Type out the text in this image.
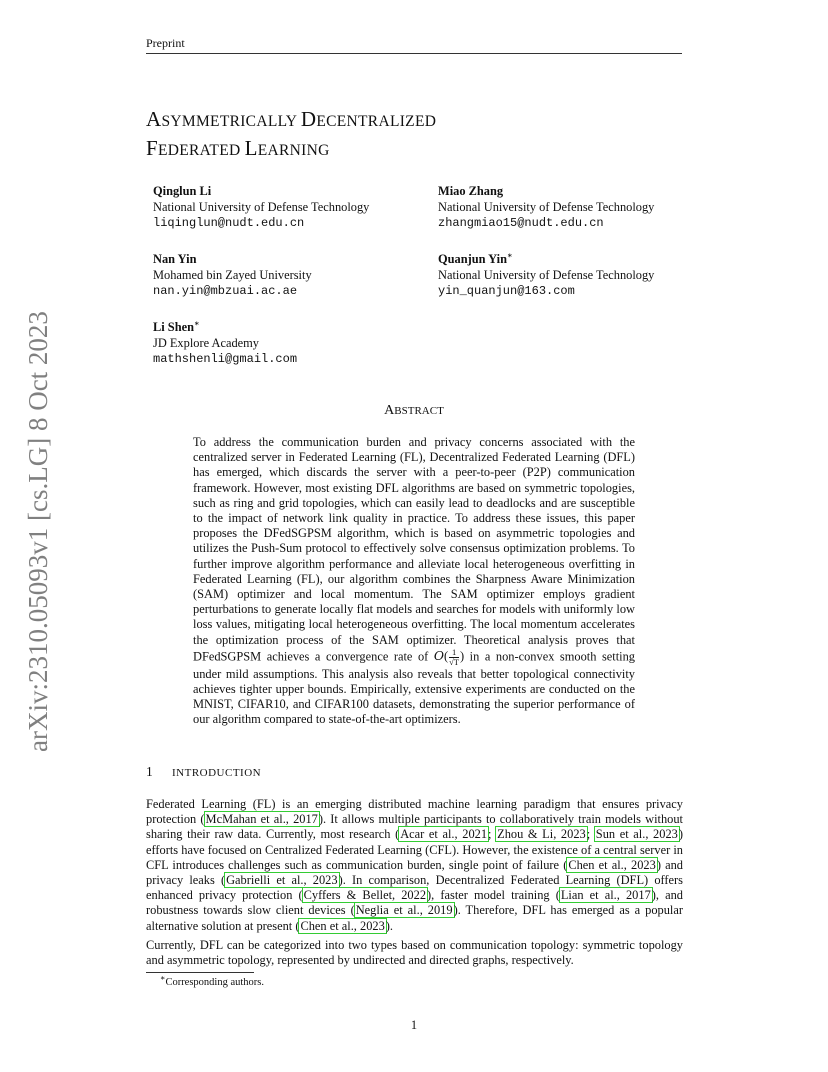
Preprint
ASYMMETRICALLY DECENTRALIZED
FEDERATED LEARNING
Qinglun Li
National University of Defense Technology
liqinglun@nudt.edu.cn
Miao Zhang
National University of Defense Technology
zhangmiao15@nudt.edu.cn
Nan Yin
Mohamed bin Zayed University
nan.yin@mbzuai.ac.ae
Quanjun Yin∗
National University of Defense Technology
yin_quanjun@163.com
Li Shen∗
JD Explore Academy
mathshenli@gmail.com
ABSTRACT
To address the communication burden and privacy concerns associated with the centralized server in Federated Learning (FL), Decentralized Federated Learning (DFL) has emerged, which discards the server with a peer-to-peer (P2P) communication framework. However, most existing DFL algorithms are based on symmetric topologies, such as ring and grid topologies, which can easily lead to deadlocks and are susceptible to the impact of network link quality in practice. To address these issues, this paper proposes the DFedSGPSM algorithm, which is based on asymmetric topologies and utilizes the Push-Sum protocol to effectively solve consensus optimization problems. To further improve algorithm performance and alleviate local heterogeneous overfitting in Federated Learning (FL), our algorithm combines the Sharpness Aware Minimization (SAM) optimizer and local momentum. The SAM optimizer employs gradient perturbations to generate locally flat models and searches for models with uniformly low loss values, mitigating local heterogeneous overfitting. The local momentum accelerates the optimization process of the SAM optimizer. Theoretical analysis proves that DFedSGPSM achieves a convergence rate of $O( \frac{1}{√T}$ ) in a non-convex smooth setting under mild assumptions. This analysis also reveals that better topological connectivity achieves tighter upper bounds. Empirically, extensive experiments are conducted on the MNIST, CIFAR10, and CIFAR100 datasets, demonstrating the superior performance of our algorithm compared to state-of-the-art optimizers.
1 INTRODUCTION
Federated Learning (FL) is an emerging distributed machine learning paradigm that ensures privacy protection (McMahan et al., 2017). It allows multiple participants to collaboratively train models without sharing their raw data. Currently, most research (Acar et al., 2021; Zhou & Li, 2023; Sun et al., 2023) efforts have focused on Centralized Federated Learning (CFL). However, the existence of a central server in CFL introduces challenges such as communication burden, single point of failure (Chen et al., 2023) and privacy leaks (Gabrielli et al., 2023). In comparison, Decentralized Federated Learning (DFL) offers enhanced privacy protection (Cyffers & Bellet, 2022), faster model training (Lian et al., 2017), and robustness towards slow client devices (Neglia et al., 2019). Therefore, DFL has emerged as a popular alternative solution at present (Chen et al., 2023).
Currently, DFL can be categorized into two types based on communication topology: symmetric topology and asymmetric topology, represented by undirected and directed graphs, respectively.
∗Corresponding authors.
1
arXiv:2310.05093v1 [cs.LG] 8 Oct 2023
